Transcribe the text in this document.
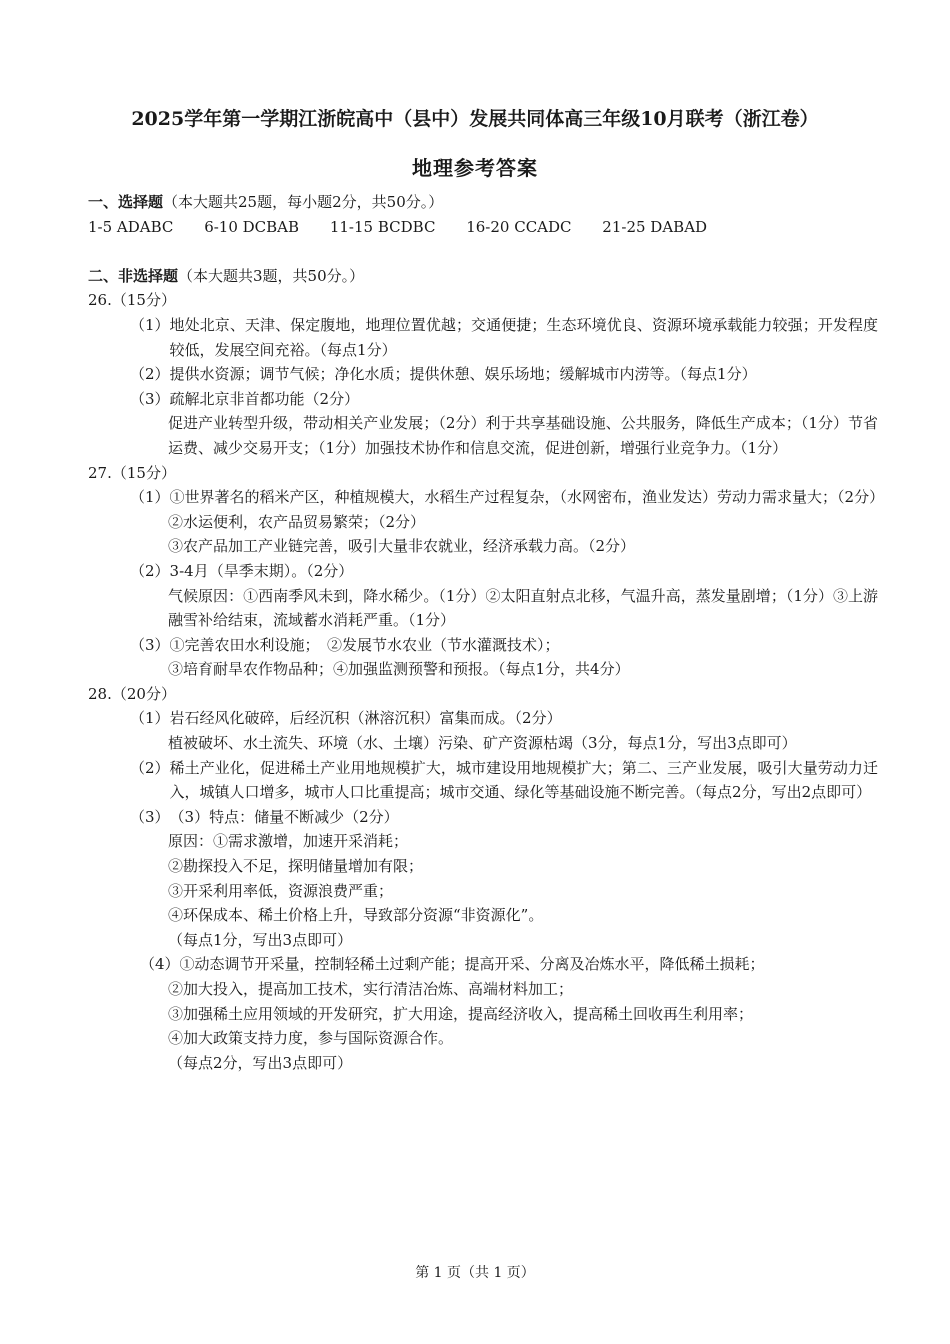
2025学年第一学期江浙皖高中（县中）发展共同体高三年级10月联考（浙江卷）
地理参考答案
一、选择题（本大题共25题，每小题2分，共50分。）
1-5 ADABC 6-10 DCBAB 11-15 BCDBC 16-20 CCADC 21-25 DABAD
二、非选择题（本大题共3题，共50分。）
26.（15分）
（1） 地处北京、天津、保定腹地，地理位置优越；交通便捷；生态环境优良、资源环境承载能力较强；开发程度较低，发展空间充裕。（每点1分）
（2） 提供水资源；调节气候；净化水质；提供休憩、娱乐场地；缓解城市内涝等。（每点1分）
（3） 疏解北京非首都功能（2分）
促进产业转型升级，带动相关产业发展；（2分）利于共享基础设施、公共服务，降低生产成本；（1分）节省运费、减少交易开支；（1分）加强技术协作和信息交流，促进创新，增强行业竞争力。（1分）
27.（15分）
（1） ①世界著名的稻米产区，种植规模大，水稻生产过程复杂，（水网密布，渔业发达）劳动力需求量大；（2分）
②水运便利，农产品贸易繁荣；（2分）
③农产品加工产业链完善，吸引大量非农就业，经济承载力高。（2分）
（2） 3-4月（旱季末期）。（2分）
气候原因：①西南季风未到，降水稀少。（1分）②太阳直射点北移，气温升高，蒸发量剧增；（1分）③上游融雪补给结束，流域蓄水消耗严重。（1分）
（3） ①完善农田水利设施；　②发展节水农业（节水灌溉技术）；
③培育耐旱农作物品种；④加强监测预警和预报。（每点1分，共4分）
28.（20分）
（1） 岩石经风化破碎，后经沉积（淋溶沉积）富集而成。（2分）
植被破坏、水土流失、环境（水、土壤）污染、矿产资源枯竭（3分，每点1分，写出3点即可）
（2） 稀土产业化，促进稀土产业用地规模扩大，城市建设用地规模扩大；第二、三产业发展，吸引大量劳动力迁入，城镇人口增多，城市人口比重提高；城市交通、绿化等基础设施不断完善。（每点2分，写出2点即可）
（3） （3）特点：储量不断减少（2分）
原因：①需求激增，加速开采消耗；
②勘探投入不足，探明储量增加有限；
③开采利用率低，资源浪费严重；
④环保成本、稀土价格上升，导致部分资源“非资源化”。
（每点1分，写出3点即可）
（4） ①动态调节开采量，控制轻稀土过剩产能；提高开采、分离及冶炼水平，降低稀土损耗；
②加大投入，提高加工技术，实行清洁冶炼、高端材料加工；
③加强稀土应用领域的开发研究，扩大用途，提高经济收入，提高稀土回收再生利用率；
④加大政策支持力度，参与国际资源合作。
（每点2分，写出3点即可）
第 1 页（共 1 页）
